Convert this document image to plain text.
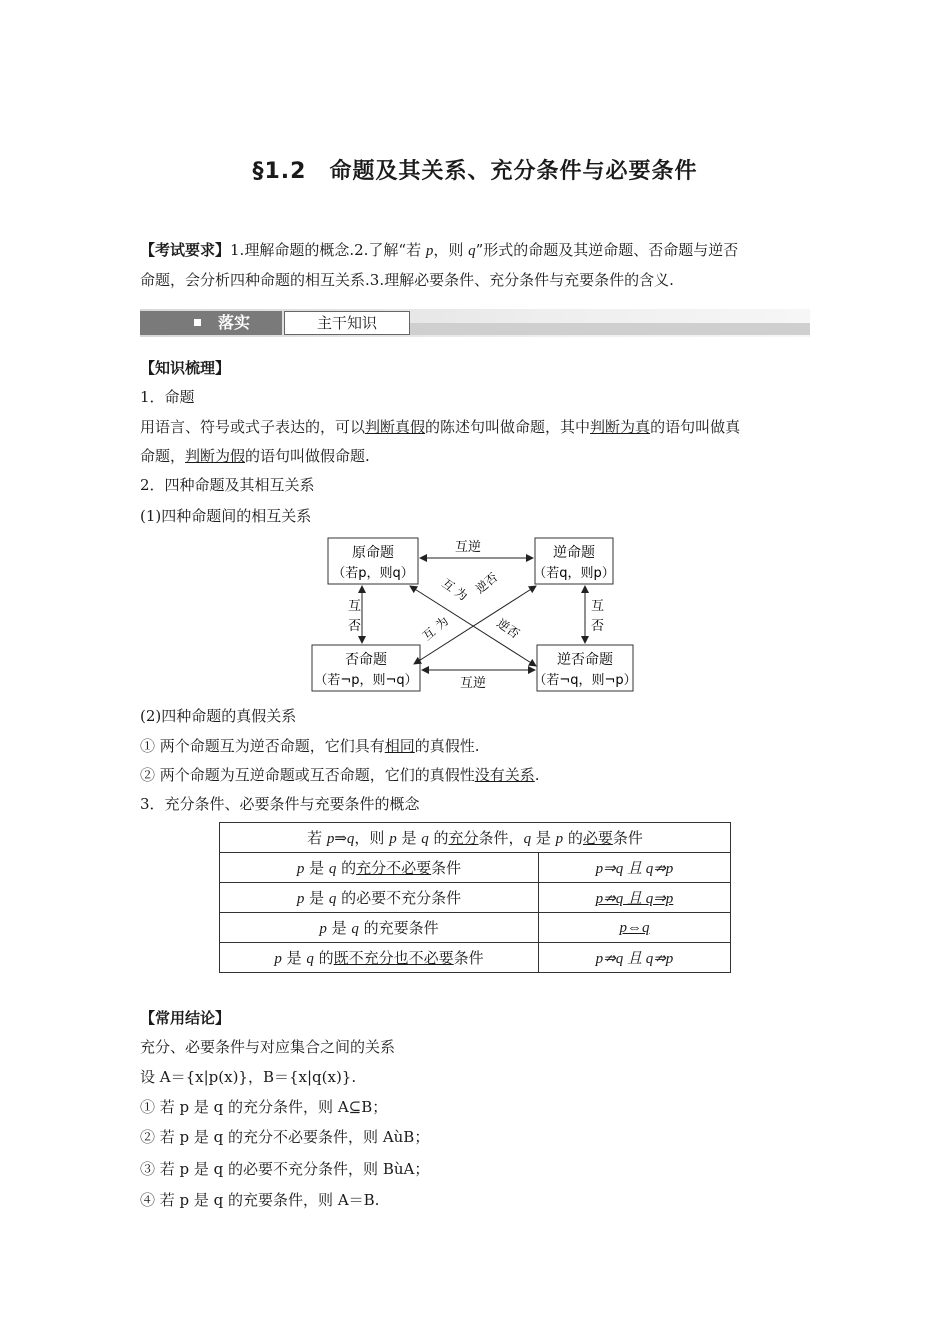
§1.2　命题及其关系、充分条件与必要条件
【考试要求】1.理解命题的概念.2.了解“若 p，则 q”形式的命题及其逆命题、否命题与逆否
命题，会分析四种命题的相互关系.3.理解必要条件、充分条件与充要条件的含义.
落实	主干知识
【知识梳理】
1．命题
用语言、符号或式子表达的，可以判断真假的陈述句叫做命题，其中判断为真的语句叫做真
命题，判断为假的语句叫做假命题.
2．四种命题及其相互关系
(1)四种命题间的相互关系
原命题
（若p，则q）
逆命题
（若q，则p）
否命题
（若¬p，则¬q）
逆否命题
（若¬q，则¬p）
互逆
互逆
互
否
互
否
互
为 逆否
互
为	逆否
(2)四种命题的真假关系
① 两个命题互为逆否命题，它们具有相同的真假性.
② 两个命题为互逆命题或互否命题，它们的真假性没有关系.
3．充分条件、必要条件与充要条件的概念
若 p⇒q，则 p 是 q 的充分条件，q 是 p 的必要条件	
p 是 q 的充分不必要条件	p⇒q 且 q⇏p
p 是 q 的必要不充分条件	p⇏q 且 q⇒p
p 是 q 的充要条件	p⇔q
p 是 q 的既不充分也不必要条件	p⇏q 且 q⇏p
【常用结论】
充分、必要条件与对应集合之间的关系
设 A＝{x|p(x)}，B＝{x|q(x)}.
① 若 p 是 q 的充分条件，则 A⊆B；
② 若 p 是 q 的充分不必要条件，则 AùB；
③ 若 p 是 q 的必要不充分条件，则 BùA；
④ 若 p 是 q 的充要条件，则 A＝B.
